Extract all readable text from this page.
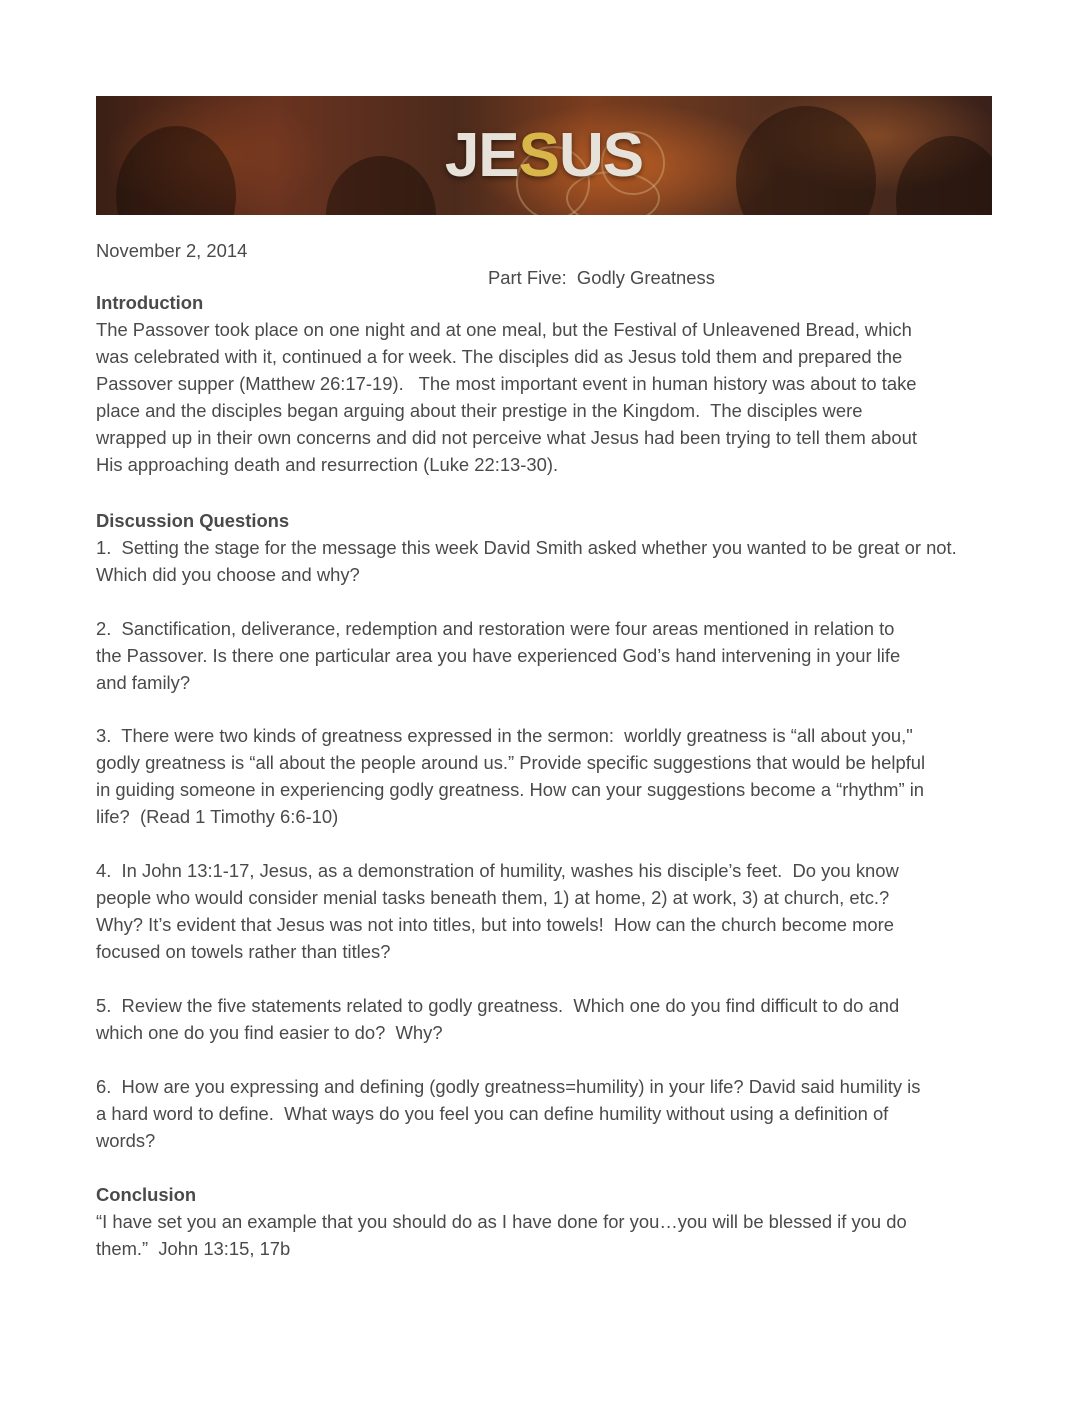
JESUS
November 2, 2014
Part Five:  Godly Greatness
Introduction
The Passover took place on one night and at one meal, but the Festival of Unleavened Bread, which
was celebrated with it, continued a for week. The disciples did as Jesus told them and prepared the
Passover supper (Matthew 26:17-19).   The most important event in human history was about to take
place and the disciples began arguing about their prestige in the Kingdom.  The disciples were
wrapped up in their own concerns and did not perceive what Jesus had been trying to tell them about
His approaching death and resurrection (Luke 22:13-30).
Discussion Questions
1.  Setting the stage for the message this week David Smith asked whether you wanted to be great or not.
Which did you choose and why?
2.  Sanctification, deliverance, redemption and restoration were four areas mentioned in relation to
the Passover. Is there one particular area you have experienced God’s hand intervening in your life
and family?
3.  There were two kinds of greatness expressed in the sermon:  worldly greatness is “all about you,"
godly greatness is “all about the people around us.” Provide specific suggestions that would be helpful
in guiding someone in experiencing godly greatness. How can your suggestions become a “rhythm” in
life?  (Read 1 Timothy 6:6-10)
4.  In John 13:1-17, Jesus, as a demonstration of humility, washes his disciple’s feet.  Do you know
people who would consider menial tasks beneath them, 1) at home, 2) at work, 3) at church, etc.?
Why? It’s evident that Jesus was not into titles, but into towels!  How can the church become more
focused on towels rather than titles?
5.  Review the five statements related to godly greatness.  Which one do you find difficult to do and
which one do you find easier to do?  Why?
6.  How are you expressing and defining (godly greatness=humility) in your life? David said humility is
a hard word to define.  What ways do you feel you can define humility without using a definition of
words?
Conclusion
“I have set you an example that you should do as I have done for you…you will be blessed if you do
them.”  John 13:15, 17b
